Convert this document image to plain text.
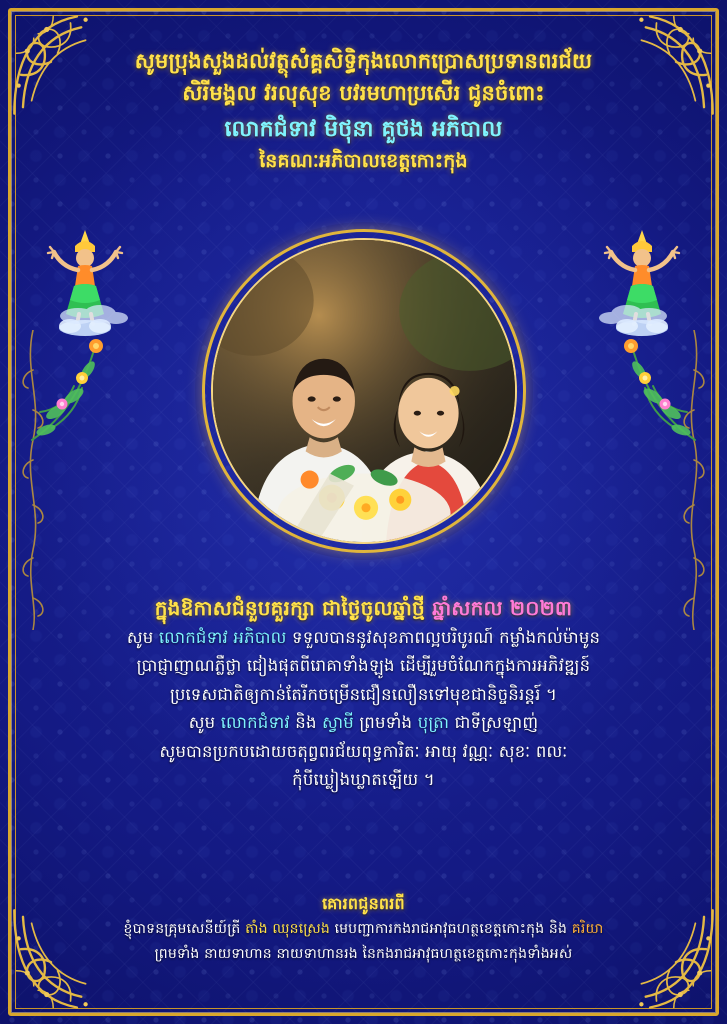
សូមប្រុងសួងដល់វត្ថុសំគ្គសិទ្ធិកុងលោកប្រោសប្រទានពរជ័យ
សិរីមង្គល វរលុសុខ បវរមហាប្រសើរ ជូនចំពោះ
លោកជំទាវ មិថុនា គួថង អភិបាល
នៃគណៈអភិបាលខេត្តកោះកុង
ក្នុងឱកាសជំនួបគួរក្សា ជាថ្ងៃចូលឆ្នាំថ្មី ឆ្នាំសកល ២០២៣
សូម លោកជំទាវ អភិបាល ទទួលបាននូវសុខភាពល្អបរិបូរណ៍ កម្លាំងកល់ម៉ាមូន
ប្រាជ្ញាញាណភ្លឺថ្លា ជៀងផុតពីរោគាទាំងឡូង ដើម្បីរួមចំណែកក្នុងការអភិវឌ្ឍន៍
ប្រទេសជាតិឲ្យកាន់តែរីកចម្រើនជឿនលឿនទៅមុខជានិច្ចនិរន្តរ៍ ។
សូម លោកជំទាវ និង ស្វាមី ព្រមទាំង បុត្រា ជាទីស្រឡាញ់
សូមបានប្រកបដោយចតុព្វពរជ័យពុទ្ធការិតៈ អាយុ វណ្ណៈ សុខៈ ពលៈ
កុំបីឃ្លៀងឃ្លាតឡើយ ។
គោរពជូនពរពី
ខ្ញុំបាទនគ្រុមសេនីយ៍ត្រី តាំង ឈុនស្រេង មេបញ្ជាការកងរាជអាវុធហត្ថខេត្តកោះកុង និង គរិយា
ព្រមទាំង នាយទាហាន នាយទាហានរង នៃកងរាជអាវុធហត្ថខេត្តកោះកុងទាំងអស់
